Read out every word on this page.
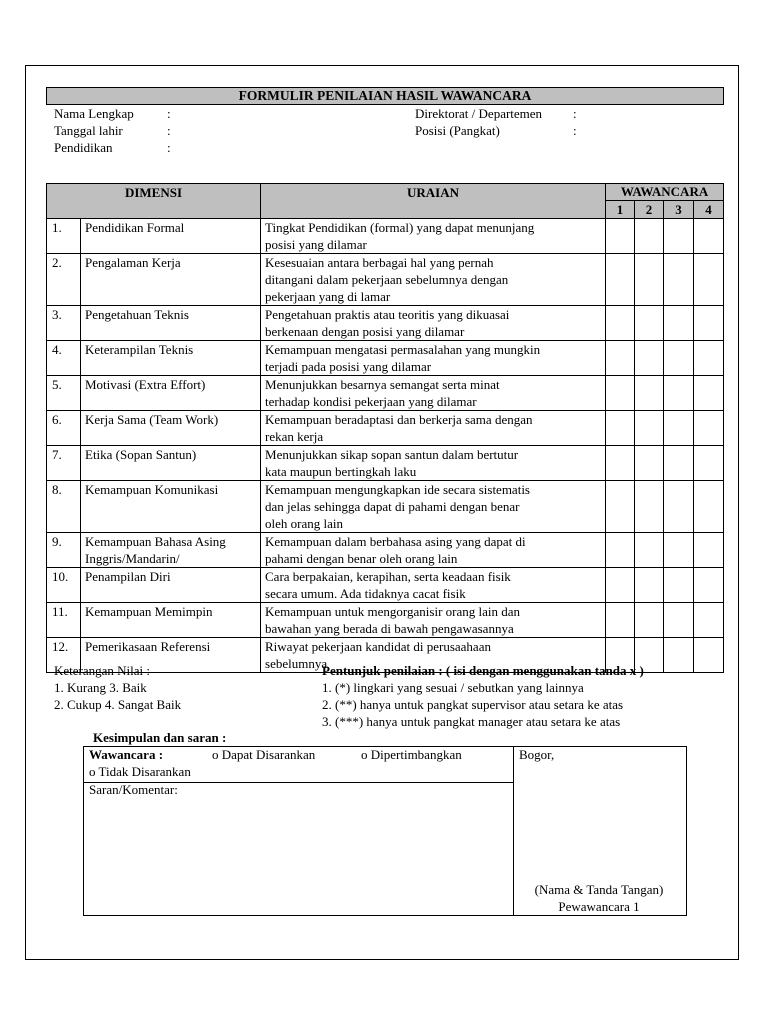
FORMULIR PENILAIAN HASIL WAWANCARA
Nama Lengkap	:
Tanggal lahir	:
Pendidikan	:
Direktorat / Departemen :
Posisi (Pangkat)	:
DIMENSI		URAIAN	WAWANCARA			
			1	2	3	4
1.	Pendidikan Formal	Tingkat Pendidikan (formal) yang dapat menunjang
posisi yang dilamar				

2.	Pengalaman Kerja	Kesesuaian antara berbagai hal yang pernah
ditangani dalam pekerjaan sebelumnya dengan
pekerjaan yang di lamar				

3.	Pengetahuan Teknis	Pengetahuan praktis atau teoritis yang dikuasai
berkenaan dengan posisi yang dilamar				

4.	Keterampilan Teknis	Kemampuan mengatasi permasalahan yang mungkin
terjadi pada posisi yang dilamar				

5.	Motivasi (Extra Effort)	Menunjukkan besarnya semangat serta minat
terhadap kondisi pekerjaan yang dilamar				

6.	Kerja Sama (Team Work)	Kemampuan beradaptasi dan berkerja sama dengan
rekan kerja				

7.	Etika (Sopan Santun)	Menunjukkan sikap sopan santun dalam bertutur
kata maupun bertingkah laku				

8.	Kemampuan Komunikasi	Kemampuan mengungkapkan ide secara sistematis
dan jelas sehingga dapat di pahami dengan benar
oleh orang lain				

9.	Kemampuan Bahasa Asing Inggris/Mandarin/	Kemampuan dalam berbahasa asing yang dapat di
pahami dengan benar oleh orang lain				

10.	Penampilan Diri	Cara berpakaian, kerapihan, serta keadaan fisik
secara umum. Ada tidaknya cacat fisik				

11.	Kemampuan Memimpin	Kemampuan untuk mengorganisir orang lain dan
bawahan yang berada di bawah pengawasannya				

12.	Pemerikasaan Referensi	Riwayat pekerjaan kandidat di perusaahaan
sebelumnya				

Keterangan Nilai :
1. Kurang 3. Baik
2. Cukup 4. Sangat Baik
Pentunjuk penilaian : ( isi dengan menggunakan tanda x )
1. (*) lingkari yang sesuai / sebutkan yang lainnya
2. (**) hanya untuk pangkat supervisor atau setara ke atas
3. (***) hanya untuk pangkat manager atau setara ke atas
Kesimpulan dan saran :
Wawancara :	o Dapat Disarankan	o Dipertimbangkan
o Tidak Disarankan
Saran/Komentar:
Bogor,
(Nama & Tanda Tangan)
Pewawancara 1
